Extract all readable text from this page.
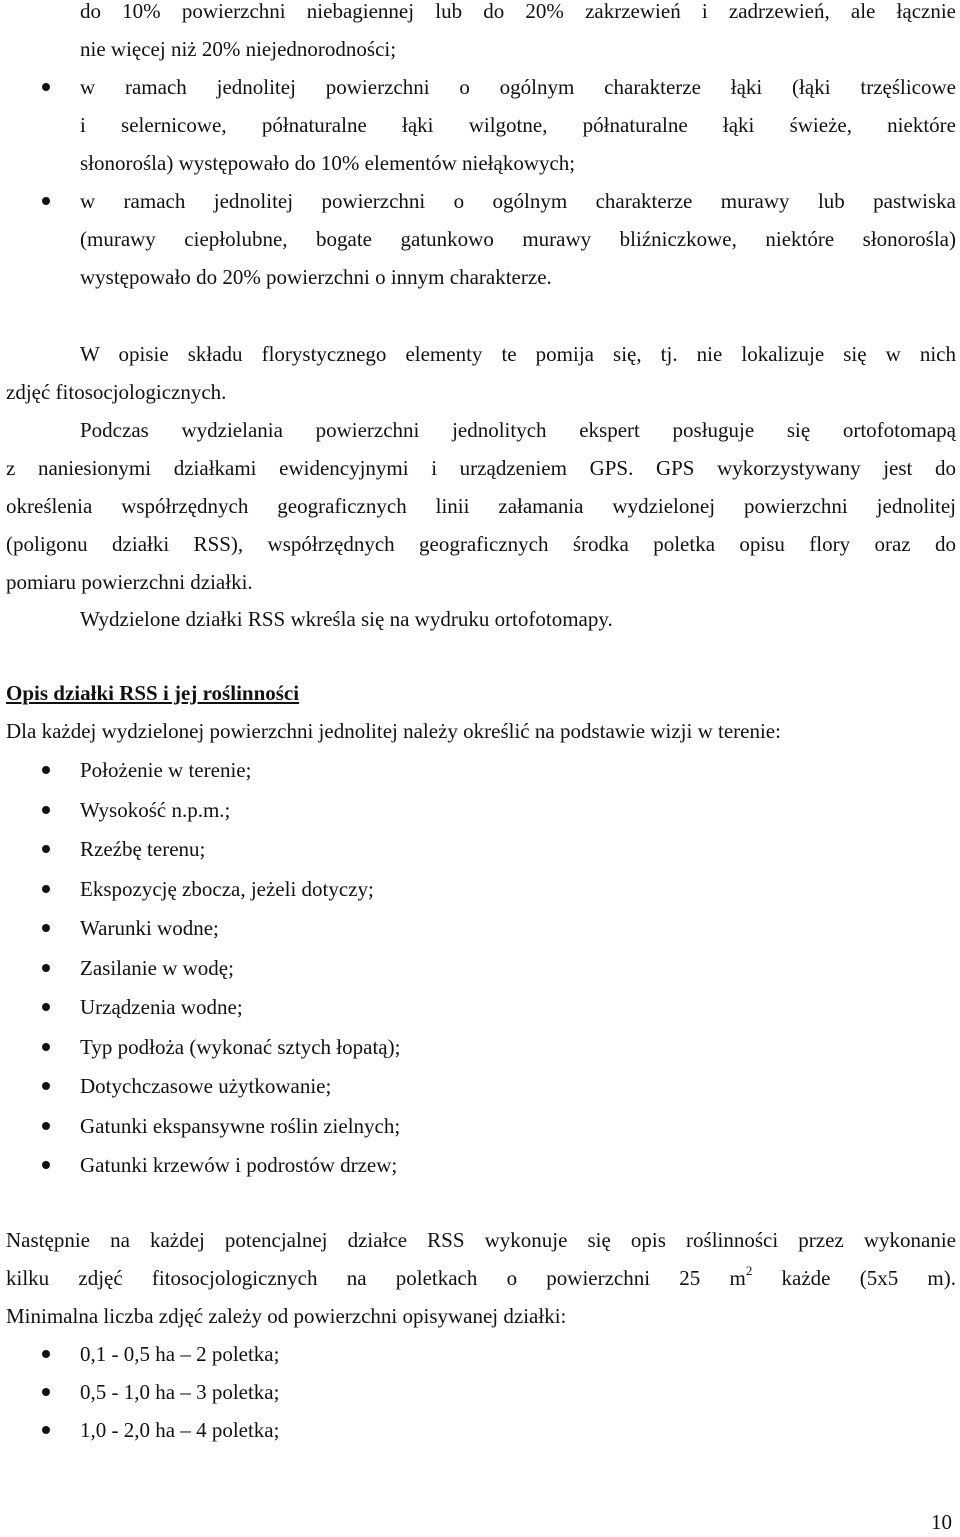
do 10% powierzchni niebagiennej lub do 20% zakrzewień i zadrzewień, ale łącznie
nie więcej niż 20% niejednorodności;
w ramach jednolitej powierzchni o ogólnym charakterze łąki (łąki trzęślicowe
i selernicowe, półnaturalne łąki wilgotne, półnaturalne łąki świeże, niektóre
słonorośla) występowało do 10% elementów niełąkowych;
w ramach jednolitej powierzchni o ogólnym charakterze murawy lub pastwiska
(murawy ciepłolubne, bogate gatunkowo murawy bliźniczkowe, niektóre słonorośla)
występowało do 20% powierzchni o innym charakterze.
W opisie składu florystycznego elementy te pomija się, tj. nie lokalizuje się w nich
zdjęć fitosocjologicznych.
Podczas wydzielania powierzchni jednolitych ekspert posługuje się ortofotomapą
z naniesionymi działkami ewidencyjnymi i urządzeniem GPS. GPS wykorzystywany jest do
określenia współrzędnych geograficznych linii załamania wydzielonej powierzchni jednolitej
(poligonu działki RSS), współrzędnych geograficznych środka poletka opisu flory oraz do
pomiaru powierzchni działki.
Wydzielone działki RSS wkreśla się na wydruku ortofotomapy.
Opis działki RSS i jej roślinności
Dla każdej wydzielonej powierzchni jednolitej należy określić na podstawie wizji w terenie:
Położenie w terenie;
Wysokość n.p.m.;
Rzeźbę terenu;
Ekspozycję zbocza, jeżeli dotyczy;
Warunki wodne;
Zasilanie w wodę;
Urządzenia wodne;
Typ podłoża (wykonać sztych łopatą);
Dotychczasowe użytkowanie;
Gatunki ekspansywne roślin zielnych;
Gatunki krzewów i podrostów drzew;
Następnie na każdej potencjalnej działce RSS wykonuje się opis roślinności przez wykonanie
kilku zdjęć fitosocjologicznych na poletkach o powierzchni 25 $m^2$ każde (5x5 m).
Minimalna liczba zdjęć zależy od powierzchni opisywanej działki:
0,1 - 0,5 ha – 2 poletka;
0,5 - 1,0 ha – 3 poletka;
1,0 - 2,0 ha – 4 poletka;
10
